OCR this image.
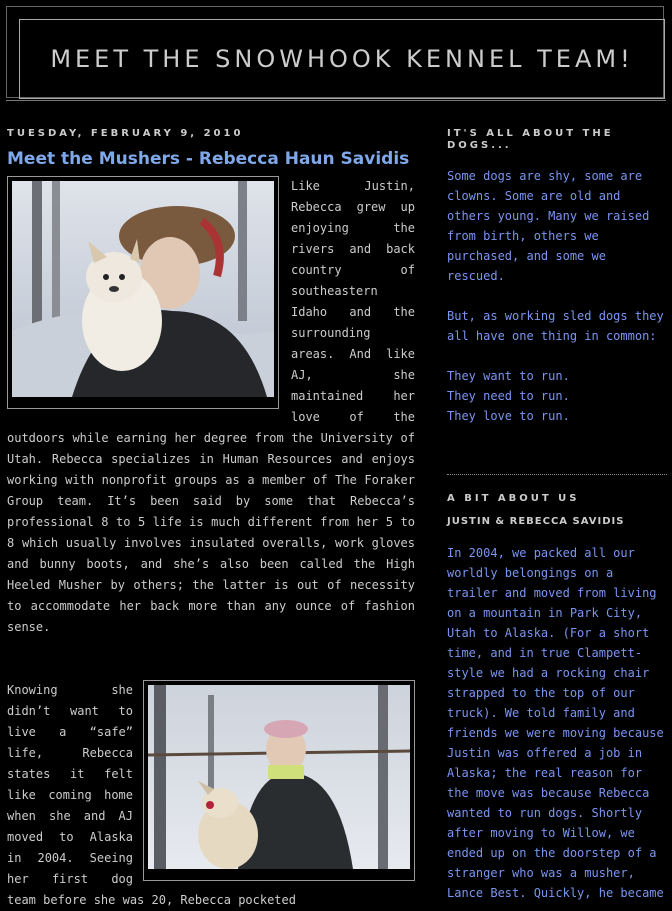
MEET THE SNOWHOOK KENNEL TEAM!
TUESDAY, FEBRUARY 9, 2010
Meet the Mushers - Rebecca Haun Savidis

Like Justin, Rebecca grew up enjoying the rivers and back country of southeastern Idaho and the surrounding areas. And like AJ, she maintained her love of the outdoors while earning her degree from the University of Utah. Rebecca specializes in Human Resources and enjoys working with nonprofit groups as a member of The Foraker Group team. It’s been said by some that Rebecca’s professional 8 to 5 life is much different from her 5 to 8 which usually involves insulated overalls, work gloves and bunny boots, and she’s also been called the High Heeled Musher by others; the latter is out of necessity to accommodate her back more than any ounce of fashion sense.

Knowing she didn’t want to live a “safe” life, Rebecca states it felt like coming home when she and AJ moved to Alaska in 2004. Seeing her first dog team before she was 20, Rebecca pocketed

IT'S ALL ABOUT THE DOGS...

Some dogs are shy, some are clowns. Some are old and others young. Many we raised from birth, others we purchased, and some we rescued.

But, as working sled dogs they all have one thing in common:

They want to run.
They need to run.
They love to run.
A BIT ABOUT US
JUSTIN & REBECCA SAVIDIS
In 2004, we packed all our worldly belongings on a trailer and moved from living on a mountain in Park City, Utah to Alaska. (For a short time, and in true Clampett-style we had a rocking chair strapped to the top of our truck). We told family and friends we were moving because Justin was offered a job in Alaska; the real reason for the move was because Rebecca wanted to run dogs. Shortly after moving to Willow, we ended up on the doorstep of a stranger who was a musher, Lance Best. Quickly, he became
